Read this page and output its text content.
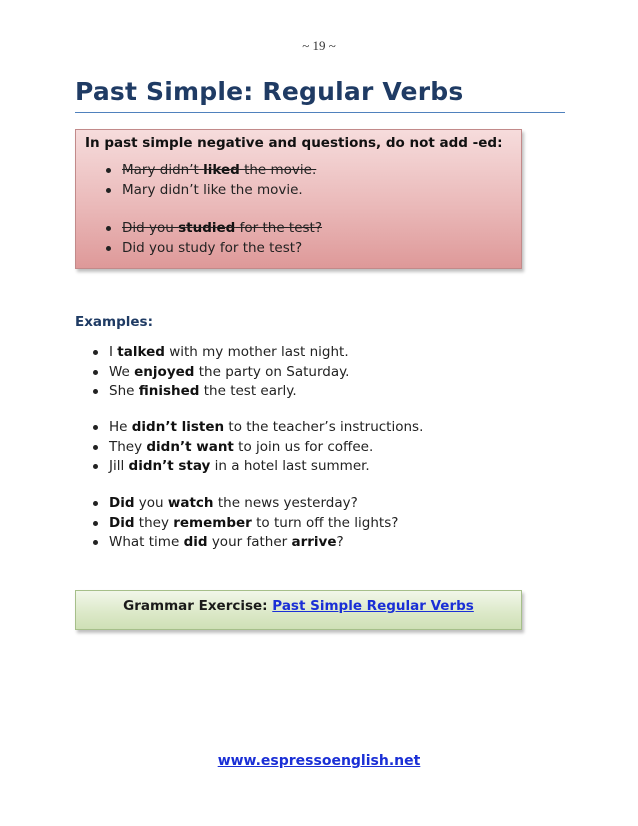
~ 19 ~
Past Simple: Regular Verbs
In past simple negative and questions, do not add -ed:
Mary didn’t liked the movie.
Mary didn’t like the movie.
Did you studied for the test?
Did you study for the test?
Examples:
I talked with my mother last night.
We enjoyed the party on Saturday.
She finished the test early.
He didn’t listen to the teacher’s instructions.
They didn’t want to join us for coffee.
Jill didn’t stay in a hotel last summer.
Did you watch the news yesterday?
Did they remember to turn off the lights?
What time did your father arrive?
Grammar Exercise: Past Simple Regular Verbs
www.espressoenglish.net
